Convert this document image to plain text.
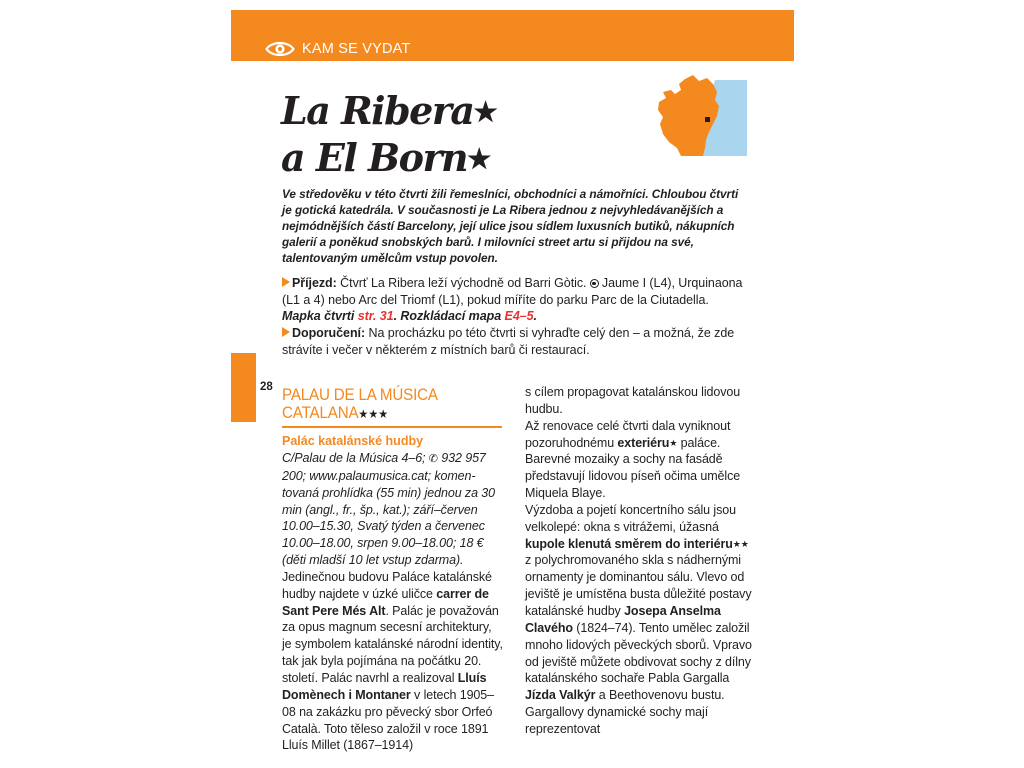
KAM SE VYDAT
La Ribera★
a El Born★
Ve středověku v této čtvrti žili řemeslníci, obchodníci a námořníci. Chloubou čtvrti je gotická katedrála. V současnosti je La Ribera jednou z nejvyhledávanějších a nejmódnějších částí Barcelony, její ulice jsou sídlem luxusních butiků, nákupních galerií a poněkud snobských barů. I milovníci street artu si přijdou na své, talentovaným umělcům vstup povolen.
Příjezd: Čtvrť La Ribera leží východně od Barri Gòtic. Jaume I (L4), Urquinaona (L1 a 4) nebo Arc del Triomf (L1), pokud míříte do parku Parc de la Ciutadella.
Mapka čtvrti str. 31. Rozkládací mapa E4–5.
Doporučení: Na procházku po této čtvrti si vyhraďte celý den – a možná, že zde strávíte i večer v některém z místních barů či restaurací.
28 PALAU DE LA MÚSICA
CATALANA★★★
Palác katalánské hudby
C/Palau de la Música 4–6; ✆ 932 957 200; www.palaumusica.cat; komentovaná prohlídka (55 min) jednou za 30 min (angl., fr., šp., kat.); září–červen 10.00–15.30, Svatý týden a červenec 10.00–18.00, srpen 9.00–18.00; 18 € (děti mladší 10 let vstup zdarma).
Jedinečnou budovu Paláce katalánské hudby najdete v úzké uličce carrer de Sant Pere Més Alt. Palác je považován za opus magnum secesní architektury, je symbolem katalánské národní identity, tak jak byla pojímána na počátku 20. století. Palác navrhl a realizoval Lluís Domènech i Montaner v letech 1905–08 na zakázku pro pěvecký sbor Orfeó Català. Toto těleso založil v roce 1891 Lluís Millet (1867–1914)
s cílem propagovat katalánskou lidovou hudbu.
Až renovace celé čtvrti dala vyniknout pozoruhodnému exteriéru★ paláce. Barevné mozaiky a sochy na fasádě představují lidovou píseň očima umělce Miquela Blaye.
Výzdoba a pojetí koncertního sálu jsou velkolepé: okna s vitrážemi, úžasná kupole klenutá směrem do interiéru★★ z polychromovaného skla s nádhernými ornamenty je dominantou sálu. Vlevo od jeviště je umístěna busta důležité postavy katalánské hudby Josepa Anselma Clavého (1824–74). Tento umělec založil mnoho lidových pěveckých sborů. Vpravo od jeviště můžete obdivovat sochy z dílny katalánského sochaře Pabla Gargalla Jízda Valkýr a Beethovenovu bustu. Gargallovy dynamické sochy mají reprezentovat
